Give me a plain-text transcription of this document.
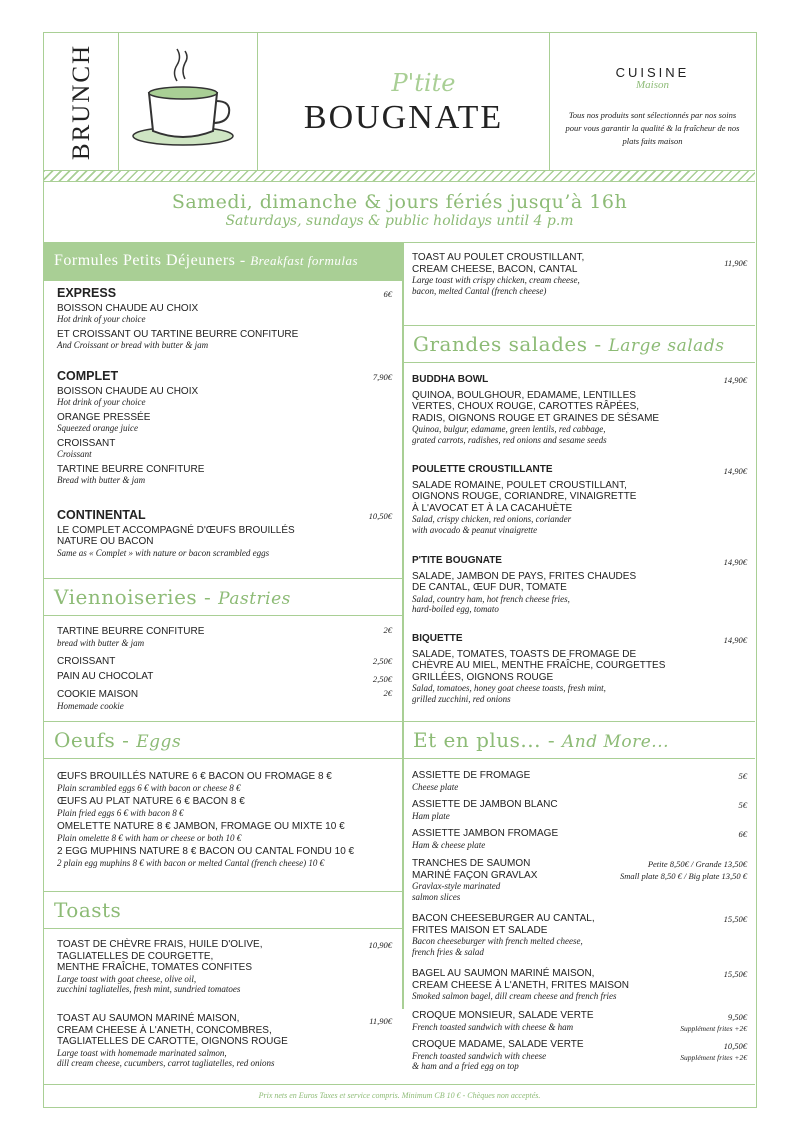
BRUNCH	P'tite
BOUGNATE
CUISINE
Maison
Tous nos produits sont sélectionnés par nos soins pour vous garantir la qualité & la fraîcheur de nos plats faits maison
Samedi, dimanche & jours fériés jusqu’à 16h
Saturdays, sundays & public holidays until 4 p.m
Formules Petits Déjeuners - Breakfast formulas
EXPRESS
BOISSON CHAUDE AU CHOIX
Hot drink of your choice
ET CROISSANT OU TARTINE BEURRE CONFITURE
And Croissant or bread with butter & jam
6€
COMPLET
BOISSON CHAUDE AU CHOIX
Hot drink of your choice
ORANGE PRESSÉE
Squeezed orange juice
CROISSANT
Croissant
TARTINE BEURRE CONFITURE
Bread with butter & jam
7,90€
CONTINENTAL
LE COMPLET ACCOMPAGNÉ D'ŒUFS BROUILLÉS
NATURE OU BACON
Same as « Complet » with nature or bacon scrambled eggs
10,50€
Viennoiseries - Pastries
TARTINE BEURRE CONFITURE
bread with butter & jam
2€
CROISSANT	2,50€
PAIN AU CHOCOLAT	2,50€
COOKIE MAISON
Homemade cookie
2€
Oeufs - Eggs
ŒUFS BROUILLÉS NATURE 6 € BACON OU FROMAGE 8 €
Plain scrambled eggs 6 € with bacon or cheese 8 €
ŒUFS AU PLAT NATURE 6 € BACON 8 €
Plain fried eggs 6 € with bacon 8 €
OMELETTE NATURE 8 € JAMBON, FROMAGE OU MIXTE 10 €
Plain omelette 8 € with ham or cheese or both 10 €
2 EGG MUPHINS NATURE 8 € BACON OU CANTAL FONDU 10 €
2 plain egg muphins 8 € with bacon or melted Cantal (french cheese) 10 €
Toasts
TOAST DE CHÈVRE FRAIS, HUILE D'OLIVE,
TAGLIATELLES DE COURGETTE,
MENTHE FRAÎCHE, TOMATES CONFITES
Large toast with goat cheese, olive oil,
zucchini tagliatelles, fresh mint, sundried tomatoes
10,90€
TOAST AU SAUMON MARINÉ MAISON,
CREAM CHEESE À L'ANETH, CONCOMBRES,
TAGLIATELLES DE CAROTTE, OIGNONS ROUGE
Large toast with homemade marinated salmon,
dill cream cheese, cucumbers, carrot tagliatelles, red onions
11,90€
TOAST AU POULET CROUSTILLANT,
CREAM CHEESE, BACON, CANTAL
Large toast with crispy chicken, cream cheese,
bacon, melted Cantal (french cheese)
11,90€
Grandes salades - Large salads
BUDDHA BOWL
QUINOA, BOULGHOUR, EDAMAME, LENTILLES
VERTES, CHOUX ROUGE, CAROTTES RÂPÉES,
RADIS, OIGNONS ROUGE ET GRAINES DE SÉSAME
Quinoa, bulgur, edamame, green lentils, red cabbage,
grated carrots, radishes, red onions and sesame seeds
14,90€
POULETTE CROUSTILLANTE
SALADE ROMAINE, POULET CROUSTILLANT,
OIGNONS ROUGE, CORIANDRE, VINAIGRETTE
À L'AVOCAT ET À LA CACAHUÈTE
Salad, crispy chicken, red onions, coriander
with avocado & peanut vinaigrette
14,90€
P'TITE BOUGNATE
SALADE, JAMBON DE PAYS, FRITES CHAUDES
DE CANTAL, ŒUF DUR, TOMATE
Salad, country ham, hot french cheese fries,
hard-boiled egg, tomato
14,90€
BIQUETTE
SALADE, TOMATES, TOASTS DE FROMAGE DE
CHÈVRE AU MIEL, MENTHE FRAÎCHE, COURGETTES
GRILLÉES, OIGNONS ROUGE
Salad, tomatoes, honey goat cheese toasts, fresh mint,
grilled zucchini, red onions
14,90€
Et en plus... - And More...
ASSIETTE DE FROMAGE
Cheese plate
5€
ASSIETTE DE JAMBON BLANC
Ham plate
5€
ASSIETTE JAMBON FROMAGE
Ham & cheese plate
6€
TRANCHES DE SAUMON
MARINÉ FAÇON GRAVLAX
Gravlax-style marinated
salmon slices
Petite 8,50€ / Grande 13,50€
Small plate 8,50 € / Big plate 13,50 €
BACON CHEESEBURGER AU CANTAL,
FRITES MAISON ET SALADE
Bacon cheeseburger with french melted cheese,
french fries & salad
15,50€
BAGEL AU SAUMON MARINÉ MAISON,
CREAM CHEESE À L'ANETH, FRITES MAISON
Smoked salmon bagel, dill cream cheese and french fries
15,50€
CROQUE MONSIEUR, SALADE VERTE
French toasted sandwich with cheese & ham
9,50€
Supplément frites +2€
CROQUE MADAME, SALADE VERTE
French toasted sandwich with cheese
& ham and a fried egg on top
10,50€
Supplément frites +2€
Prix nets en Euros Taxes et service compris. Minimum CB 10 € - Chèques non acceptés.
